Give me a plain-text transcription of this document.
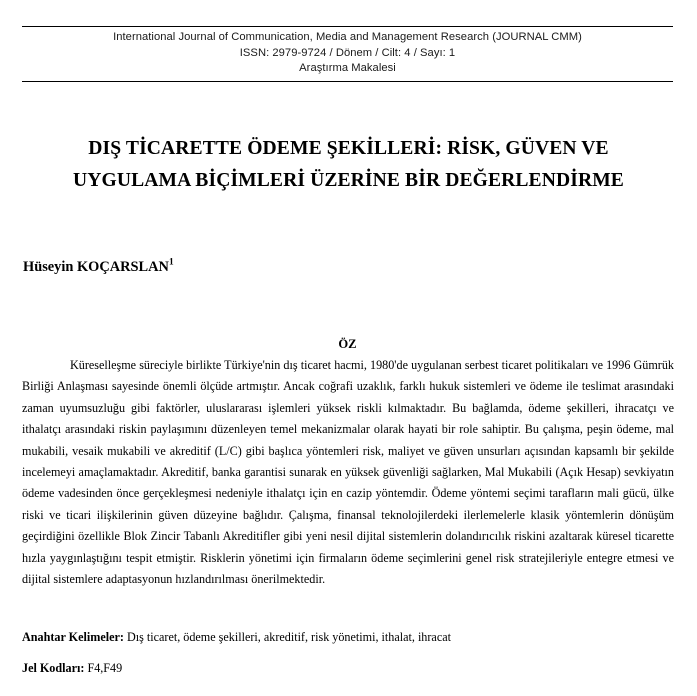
International Journal of Communication, Media and Management Research (JOURNAL CMM)
ISSN: 2979-9724 / Dönem / Cilt: 4 / Sayı: 1
Araştırma Makalesi
DIŞ TİCARETTE ÖDEME ŞEKİLLERİ: RİSK, GÜVEN VE
UYGULAMA BİÇİMLERİ ÜZERİNE BİR DEĞERLENDİRME
Hüseyin KOÇARSLAN$^1$
ÖZ
Küreselleşme süreciyle birlikte Türkiye'nin dış ticaret hacmi, 1980'de uygulanan serbest ticaret politikaları ve 1996 Gümrük Birliği Anlaşması sayesinde önemli ölçüde artmıştır. Ancak coğrafi uzaklık, farklı hukuk sistemleri ve ödeme ile teslimat arasındaki zaman uyumsuzluğu gibi faktörler, uluslararası işlemleri yüksek riskli kılmaktadır. Bu bağlamda, ödeme şekilleri, ihracatçı ve ithalatçı arasındaki riskin paylaşımını düzenleyen temel mekanizmalar olarak hayati bir role sahiptir. Bu çalışma, peşin ödeme, mal mukabili, vesaik mukabili ve akreditif (L/C) gibi başlıca yöntemleri risk, maliyet ve güven unsurları açısından kapsamlı bir şekilde incelemeyi amaçlamaktadır. Akreditif, banka garantisi sunarak en yüksek güvenliği sağlarken, Mal Mukabili (Açık Hesap) sevkiyatın ödeme vadesinden önce gerçekleşmesi nedeniyle ithalatçı için en cazip yöntemdir. Ödeme yöntemi seçimi tarafların mali gücü, ülke riski ve ticari ilişkilerinin güven düzeyine bağlıdır. Çalışma, finansal teknolojilerdeki ilerlemelerle klasik yöntemlerin dönüşüm geçirdiğini özellikle Blok Zincir Tabanlı Akreditifler gibi yeni nesil dijital sistemlerin dolandırıcılık riskini azaltarak küresel ticarette hızla yaygınlaştığını tespit etmiştir. Risklerin yönetimi için firmaların ödeme seçimlerini genel risk stratejileriyle entegre etmesi ve dijital sistemlere adaptasyonun hızlandırılması önerilmektedir.
Anahtar Kelimeler: Dış ticaret, ödeme şekilleri, akreditif, risk yönetimi, ithalat, ihracat
Jel Kodları: F4,F49
